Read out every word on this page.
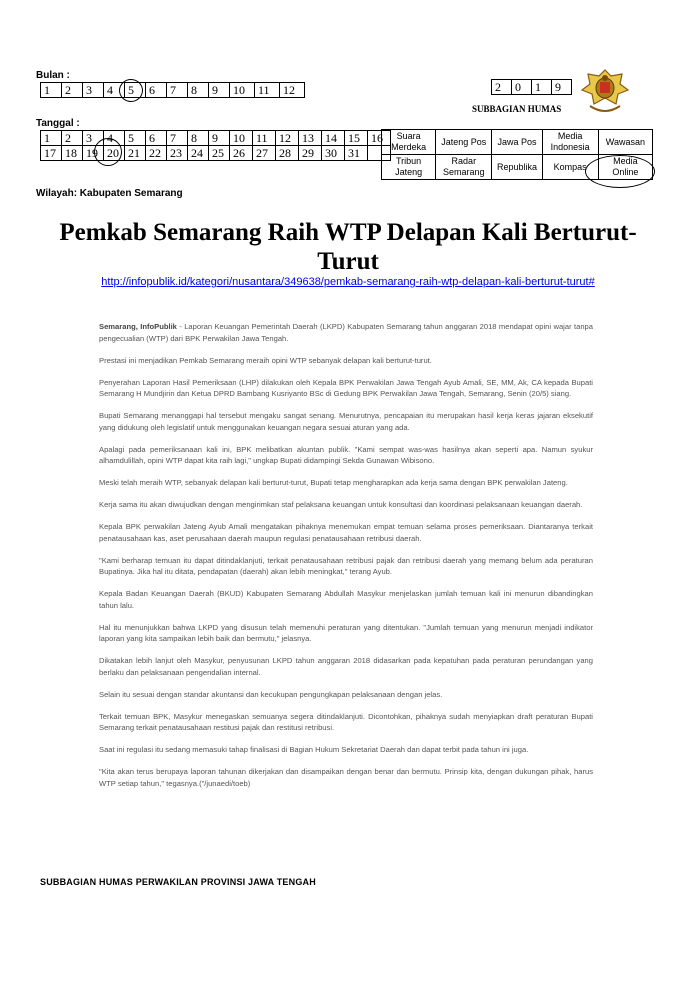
Bulan :
1	2	3	4	5	6	7	8	9	10	11	12
Tanggal :
1	2	3	4	5	6	7	8	9	10	11	12	13	14	15	16
17	18	19	20	21	22	23	24	25	26	27	28	29	30	31	
2	0	1	9
SUBBAGIAN HUMAS
Suara Merdeka	Jateng Pos	Jawa Pos	Media Indonesia	Wawasan
Tribun Jateng	Radar Semarang	Republika	Kompas	Media Online
Wilayah: Kabupaten Semarang
Pemkab Semarang Raih WTP Delapan Kali Berturut-Turut
http://infopublik.id/kategori/nusantara/349638/pemkab-semarang-raih-wtp-delapan-kali-berturut-turut#

Semarang, InfoPublik - Laporan Keuangan Pemerintah Daerah (LKPD) Kabupaten Semarang tahun anggaran 2018 mendapat opini wajar tanpa pengecualian (WTP) dari BPK Perwakilan Jawa Tengah.

Prestasi ini menjadikan Pemkab Semarang meraih opini WTP sebanyak delapan kali berturut-turut.

Penyerahan Laporan Hasil Pemeriksaan (LHP) dilakukan oleh Kepala BPK Perwakilan Jawa Tengah Ayub Amali, SE, MM, Ak, CA kepada Bupati Semarang H Mundjirin dan Ketua DPRD Bambang Kusriyanto BSc di Gedung BPK Perwakilan Jawa Tengah, Semarang, Senin (20/5) siang.

Bupati Semarang menanggapi hal tersebut mengaku sangat senang. Menurutnya, pencapaian itu merupakan hasil kerja keras jajaran eksekutif yang didukung oleh legislatif untuk menggunakan keuangan negara sesuai aturan yang ada.

Apalagi pada pemeriksanaan kali ini, BPK melibatkan akuntan publik. "Kami sempat was-was hasilnya akan seperti apa. Namun syukur alhamdulillah, opini WTP dapat kita raih lagi," ungkap Bupati didampingi Sekda Gunawan Wibisono.

Meski telah meraih WTP, sebanyak delapan kali berturut-turut, Bupati tetap mengharapkan ada kerja sama dengan BPK perwakilan Jateng.

Kerja sama itu akan diwujudkan dengan mengirimkan staf pelaksana keuangan untuk konsultasi dan koordinasi pelaksanaan keuangan daerah.

Kepala BPK perwakilan Jateng Ayub Amali mengatakan pihaknya menemukan empat temuan selama proses pemeriksaan. Diantaranya terkait penatausahaan kas, aset perusahaan daerah maupun regulasi penatausahaan retribusi daerah.

"Kami berharap temuan itu dapat ditindaklanjuti, terkait penatausahaan retribusi pajak dan retribusi daerah yang memang belum ada peraturan Bupatinya. Jika hal itu ditata, pendapatan (daerah) akan lebih meningkat," terang Ayub.

Kepala Badan Keuangan Daerah (BKUD) Kabupaten Semarang Abdullah Masykur menjelaskan jumlah temuan kali ini menurun dibandingkan tahun lalu.

Hal itu menunjukkan bahwa LKPD yang disusun telah memenuhi peraturan yang ditentukan. "Jumlah temuan yang menurun menjadi indikator laporan yang kita sampaikan lebih baik dan bermutu," jelasnya.

Dikatakan lebih lanjut oleh Masykur, penyusunan LKPD tahun anggaran 2018 didasarkan pada kepatuhan pada peraturan perundangan yang berlaku dan pelaksanaan pengendalian internal.

Selain itu sesuai dengan standar akuntansi dan kecukupan pengungkapan pelaksanaan dengan jelas.

Terkait temuan BPK, Masykur menegaskan semuanya segera ditindaklanjuti. Dicontohkan, pihaknya sudah menyiapkan draft peraturan Bupati Semarang terkait penatausahaan restitusi pajak dan restitusi retribusi.

Saat ini regulasi itu sedang memasuki tahap finalisasi di Bagian Hukum Sekretariat Daerah dan dapat terbit pada tahun ini juga.

"Kita akan terus berupaya laporan tahunan dikerjakan dan disampaikan dengan benar dan bermutu. Prinsip kita, dengan dukungan pihak, harus WTP setiap tahun," tegasnya.("/junaedi/toeb)

SUBBAGIAN HUMAS PERWAKILAN PROVINSI JAWA TENGAH
